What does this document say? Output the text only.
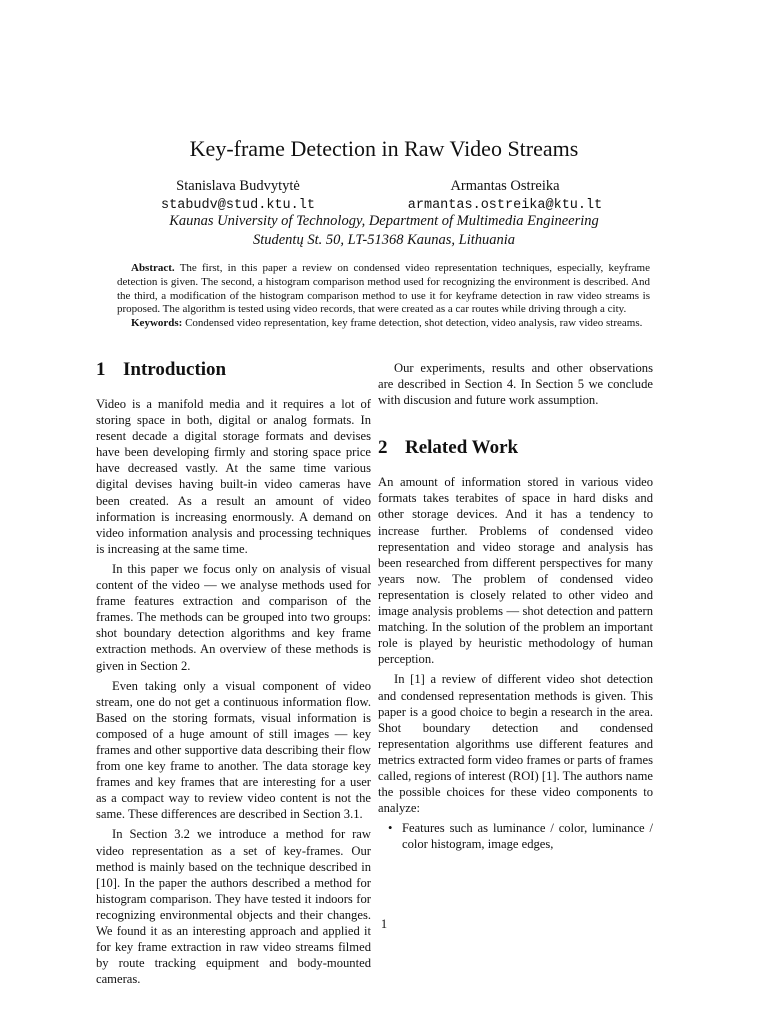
Key-frame Detection in Raw Video Streams
Stanislava Budvytytė
stabudv@stud.ktu.lt
Armantas Ostreika
armantas.ostreika@ktu.lt
Kaunas University of Technology, Department of Multimedia Engineering
Studentų St. 50, LT-51368 Kaunas, Lithuania

Abstract. The first, in this paper a review on condensed video representation techniques, especially, keyframe detection is given. The second, a histogram comparison method used for recognizing the environment is described. And the third, a modification of the histogram comparison method to use it for keyframe detection in raw video streams is proposed. The algorithm is tested using video records, that were created as a car routes while driving through a city.

Keywords: Condensed video representation, key frame detection, shot detection, video analysis, raw video streams.

1 Introduction

Video is a manifold media and it requires a lot of storing space in both, digital or analog formats. In resent decade a digital storage formats and devises have been developing firmly and storing space price have decreased vastly. At the same time various digital devises having built-in video cameras have been created. As a result an amount of video information is increasing enormously. A demand on video information analysis and processing techniques is increasing at the same time.

In this paper we focus only on analysis of visual content of the video — we analyse methods used for frame features extraction and comparison of the frames. The methods can be grouped into two groups: shot boundary detection algorithms and key frame extraction methods. An overview of these methods is given in Section 2.

Even taking only a visual component of video stream, one do not get a continuous information flow. Based on the storing formats, visual information is composed of a huge amount of still images — key frames and other supportive data describing their flow from one key frame to another. The data storage key frames and key frames that are interesting for a user as a compact way to review video content is not the same. These differences are described in Section 3.1.

In Section 3.2 we introduce a method for raw video representation as a set of key-frames. Our method is mainly based on the technique described in [10]. In the paper the authors described a method for histogram comparison. They have tested it indoors for recognizing environmental objects and their changes. We found it as an interesting approach and applied it for key frame extraction in raw video streams filmed by route tracking equipment and body-mounted cameras.

Our experiments, results and other observations are described in Section 4. In Section 5 we conclude with discusion and future work assumption.

2 Related Work

An amount of information stored in various video formats takes terabites of space in hard disks and other storage devices. And it has a tendency to increase further. Problems of condensed video representation and video storage and analysis has been researched from different perspectives for many years now. The problem of condensed video representation is closely related to other video and image analysis problems — shot detection and pattern matching. In the solution of the problem an important role is played by heuristic methodology of human perception.

In [1] a review of different video shot detection and condensed representation methods is given. This paper is a good choice to begin a research in the area. Shot boundary detection and condensed representation algorithms use different features and metrics extracted form video frames or parts of frames called, regions of interest (ROI) [1]. The authors name the possible choices for these video components to analyze:

• Features such as luminance / color, luminance / color histogram, image edges,
1
